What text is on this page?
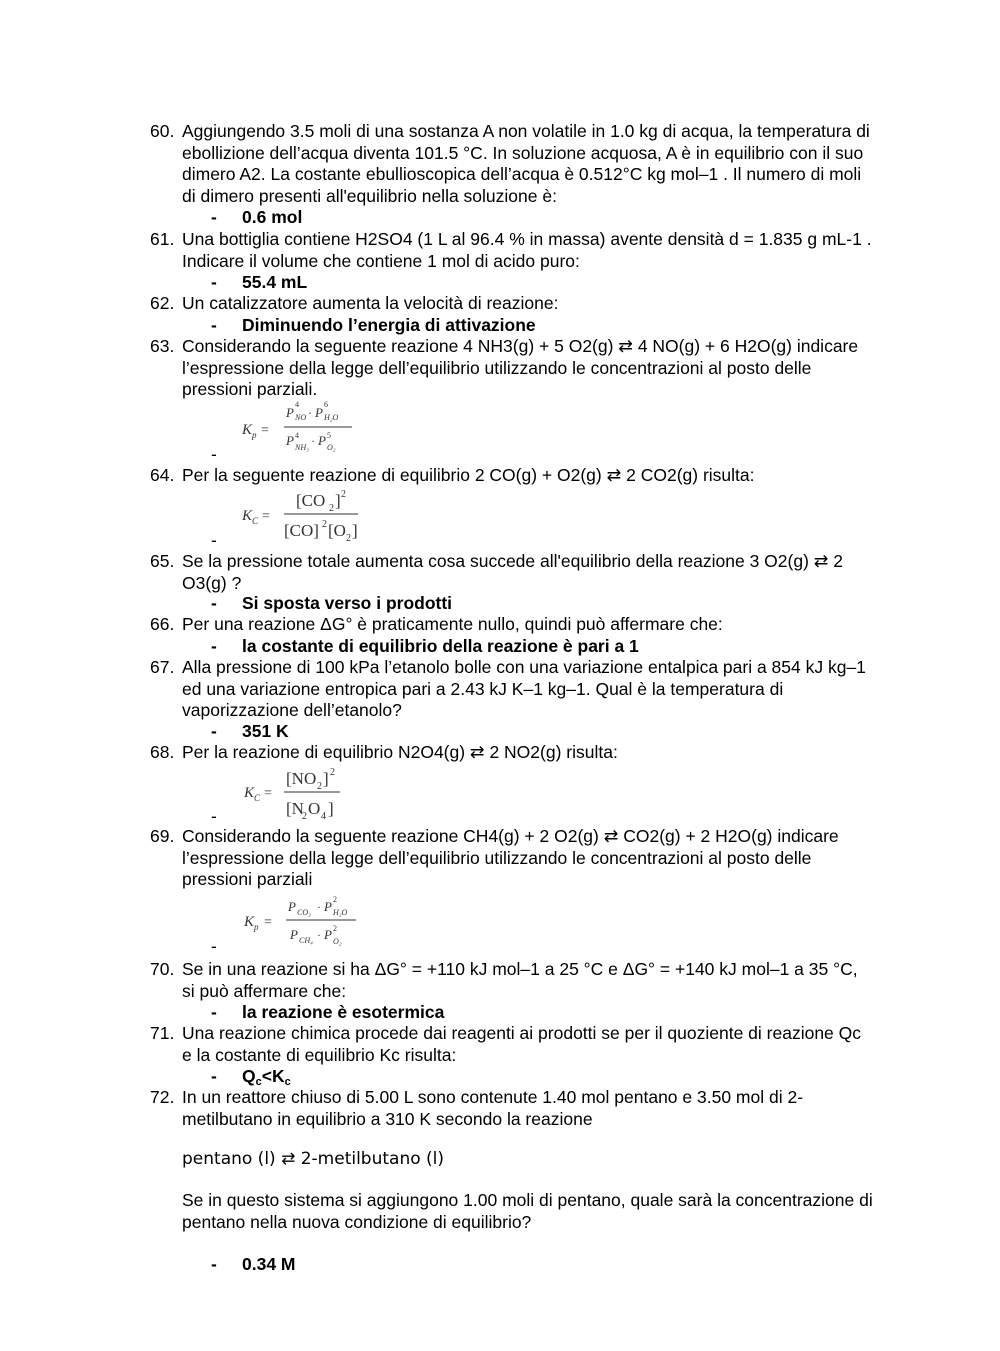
60. Aggiungendo 3.5 moli di una sostanza A non volatile in 1.0 kg di acqua, la temperatura di ebollizione dell’acqua diventa 101.5 °C. In soluzione acquosa, A è in equilibrio con il suo dimero A2. La costante ebullioscopica dell’acqua è 0.512°C kg mol–1 . Il numero di moli di dimero presenti all'equilibrio nella soluzione è:
- 0.6 mol
61. Una bottiglia contiene H2SO4 (1 L al 96.4 % in massa) avente densità d = 1.835 g mL-1 . Indicare il volume che contiene 1 mol di acido puro:
- 55.4 mL
62. Un catalizzatore aumenta la velocità di reazione:
- Diminuendo l’energia di attivazione
63. Considerando la seguente reazione 4 NH3(g) + 5 O2(g) ⇄ 4 NO(g) + 6 H2O(g) indicare l’espressione della legge dell’equilibrio utilizzando le concentrazioni al posto delle pressioni parziali.
K p =
P
4
NO · P
6
H₂O
P 4
NH₃ · P 5
O₂
-
64. Per la seguente reazione di equilibrio 2 CO(g) + O2(g) ⇄ 2 CO2(g) risulta:
K C =
[CO 2 ] 2
[CO] 2 [O 2 ]
-
65. Se la pressione totale aumenta cosa succede all'equilibrio della reazione 3 O2(g) ⇄ 2 O3(g) ?
- Si sposta verso i prodotti
66. Per una reazione ΔG° è praticamente nullo, quindi può affermare che:
- la costante di equilibrio della reazione è pari a 1
67. Alla pressione di 100 kPa l’etanolo bolle con una variazione entalpica pari a 854 kJ kg–1 ed una variazione entropica pari a 2.43 kJ K–1 kg–1. Qual è la temperatura di vaporizzazione dell’etanolo?
- 351 K
68. Per la reazione di equilibrio N2O4(g) ⇄ 2 NO2(g) risulta:
K C =
[NO 2 ] 2
[N
2 O 4 ]
-
69. Considerando la seguente reazione CH4(g) + 2 O2(g) ⇄ CO2(g) + 2 H2O(g) indicare l’espressione della legge dell’equilibrio utilizzando le concentrazioni al posto delle pressioni parziali
K p =
P CO₂ · P 2
H₂O
P CH₄ · P 2
O₂
-
70. Se in una reazione si ha ΔG° = +110 kJ mol–1 a 25 °C e ΔG° = +140 kJ mol–1 a 35 °C, si può affermare che:
- la reazione è esotermica
71. Una reazione chimica procede dai reagenti ai prodotti se per il quoziente di reazione Qc e la costante di equilibrio Kc risulta:
- $Q_c<K_c$
72. In un reattore chiuso di 5.00 L sono contenute 1.40 mol pentano e 3.50 mol di 2-metilbutano in equilibrio a 310 K secondo la reazione
pentano (l) ⇄ 2-metilbutano (l)
Se in questo sistema si aggiungono 1.00 moli di pentano, quale sarà la concentrazione di pentano nella nuova condizione di equilibrio?
- 0.34 M
